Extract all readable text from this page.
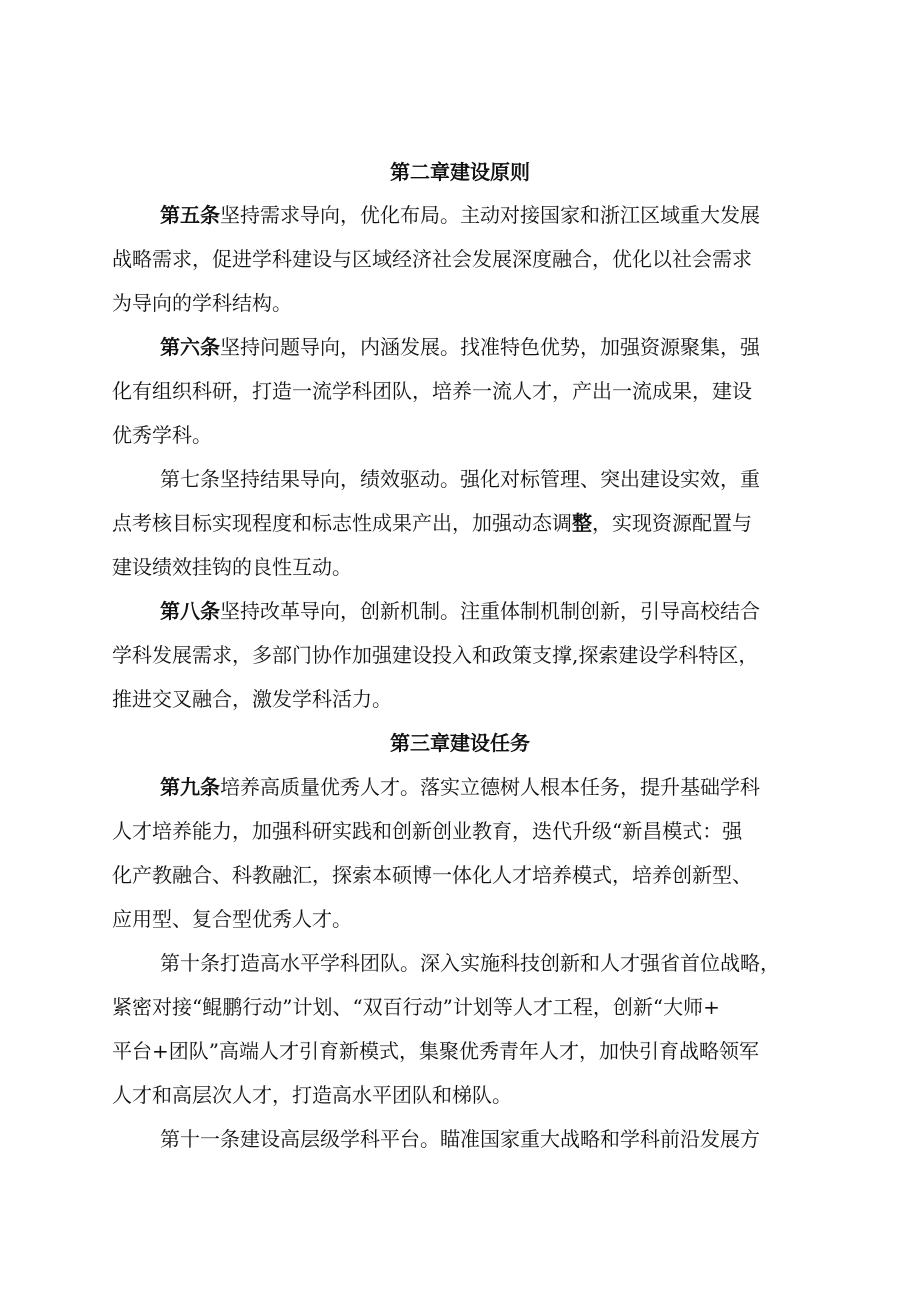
第二章建设原则
第五条坚持需求导向，优化布局。主动对接国家和浙江区域重大发展
战略需求，促进学科建设与区域经济社会发展深度融合，优化以社会需求
为导向的学科结构。
第六条坚持问题导向，内涵发展。找准特色优势，加强资源聚集，强
化有组织科研，打造一流学科团队，培养一流人才，产出一流成果，建设
优秀学科。
第七条坚持结果导向，绩效驱动。强化对标管理、突出建设实效，重
点考核目标实现程度和标志性成果产出，加强动态调整，实现资源配置与
建设绩效挂钩的良性互动。
第八条坚持改革导向，创新机制。注重体制机制创新，引导高校结合
学科发展需求，多部门协作加强建设投入和政策支撑,探索建设学科特区，
推进交叉融合，激发学科活力。
第三章建设任务
第九条培养高质量优秀人才。落实立德树人根本任务，提升基础学科
人才培养能力，加强科研实践和创新创业教育，迭代升级“新昌模式：强
化产教融合、科教融汇，探索本硕博一体化人才培养模式，培养创新型、
应用型、复合型优秀人才。
第十条打造高水平学科团队。深入实施科技创新和人才强省首位战略，
紧密对接“鲲鹏行动”计划、“双百行动”计划等人才工程，创新“大师+
平台+团队”高端人才引育新模式，集聚优秀青年人才，加快引育战略领军
人才和高层次人才，打造高水平团队和梯队。
第十一条建设高层级学科平台。瞄准国家重大战略和学科前沿发展方
